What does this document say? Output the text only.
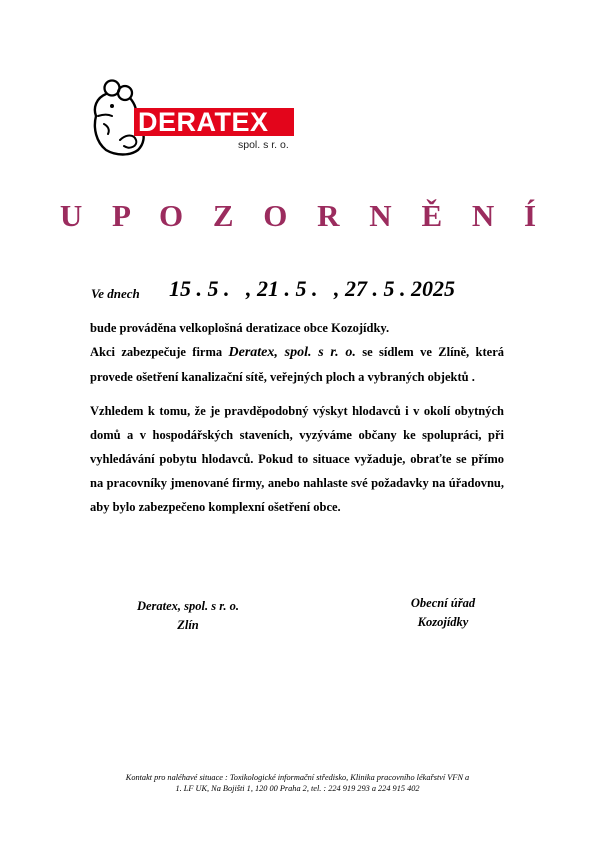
DERATEX
spol. s r. o.
U P O Z O R N Ě N Í
Ve dnech 15 . 5 .   , 21 . 5 .   , 27 . 5 . 2025

bude prováděna velkoplošná deratizace obce Kozojídky.

Akci zabezpečuje firma Deratex, spol. s r. o. se sídlem ve Zlíně, která provede ošetření kanalizační sítě, veřejných ploch a vybraných objektů .

Vzhledem k tomu, že je pravděpodobný výskyt hlodavců i v okolí obytných domů a v hospodářských staveních, vyzýváme občany ke spolupráci, při vyhledávání pobytu hlodavců. Pokud to situace vyžaduje, obraťte se přímo na pracovníky jmenované firmy, anebo nahlaste své požadavky na úřadovnu, aby bylo zabezpečeno komplexní ošetření obce.

Deratex, spol. s r. o.
Zlín
Obecní úřad
Kozojídky
Kontakt pro naléhavé situace : Toxikologické informační středisko, Klinika pracovního lékařství VFN a
1. LF UK, Na Bojišti 1, 120 00 Praha 2, tel. : 224 919 293 a 224 915 402
